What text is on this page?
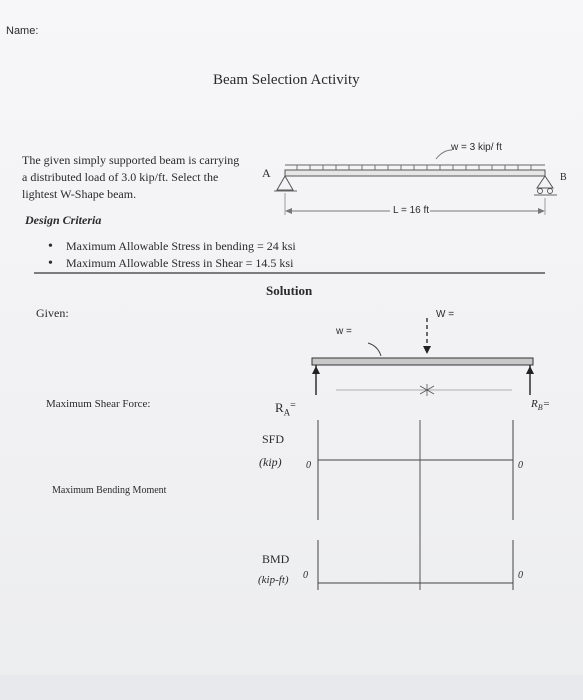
Name:
Beam Selection Activity
The given simply supported beam is carrying
a distributed load of 3.0 kip/ft. Select the
lightest W-Shape beam.
Design Criteria
• Maximum Allowable Stress in bending = 24 ksi
• Maximum Allowable Stress in Shear = 14.5 ksi
w = 3 kip/ ft
A	B
L = 16 ft
Solution
Given:
Maximum Shear Force:
Maximum Bending Moment
w =
W =
$R_A^=$	$R_B=$
SFD
(kip) 0	0
BMD
(kip-ft) 0	0
